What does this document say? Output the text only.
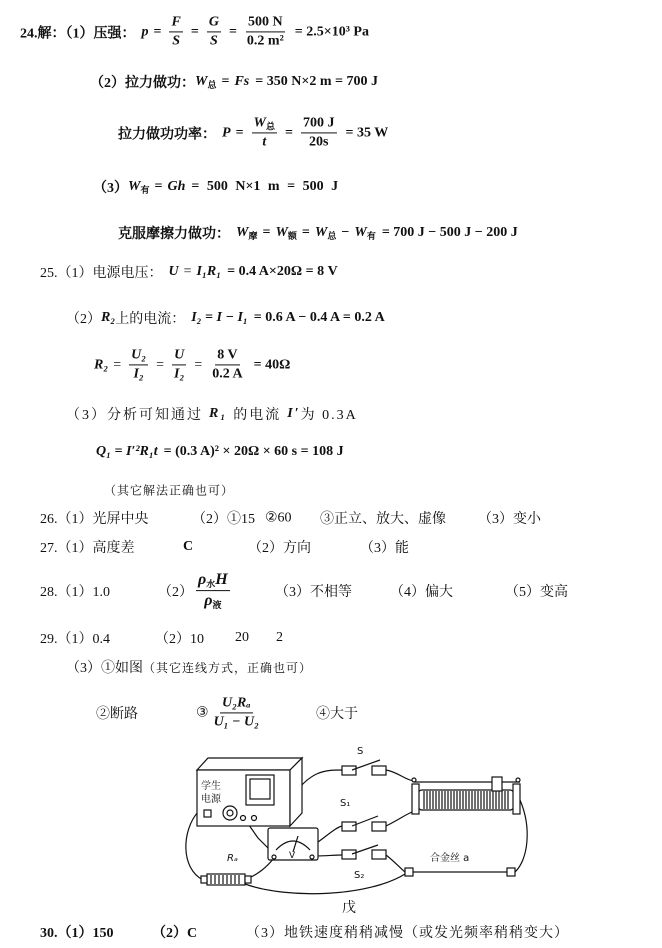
24.解：（1）压强： $p = \frac{F}{S} = \frac{G}{S} = \frac{500 N}{\text{0.2 m²}} = 2.5\times 10^3$ Pa
（2）拉力做功： $W_总 = Fs = 350$ N×2 m = 700 J
拉力做功功率： $P = \frac{W_总}{t} = \frac{700 J}{20s} = 35$ W
（3） $W_有 = Gh = 500$ N×1 m = 500 J
克服摩擦力做功： $W_摩 = W_额 = W_总 - W_有 = 700$ J − 500 J − 200 J
25.（1）电源电压： U = I₁R₁ = 0.4 A×20Ω = 8 V
（2） R₂ 上的电流： I₂ = I − I₁ = 0.6 A − 0.4 A = 0.2 A
$R_2 = \frac{\text{U₂}}{\text{I₂}} = \frac{U}{\text{I₂}} = \frac{8 V}{0.2 A} = 40\Omega$
（3）分析可知通过 R₁ 的电流 I′ 为 0.3A
Q₁ = I′²R₁t = (0.3 A)² × 20Ω × 60 s = 108 J
（其它解法正确也可）
26.（1）光屏中央	（2）①15 ②60 ③正立、放大、虚像 （3）变小
27.（1）高度差	C	（2）方向	（3）能
28.（1）1.0	$(2) \frac{\rho_水H}{\rho_液}$	（3）不相等	（4）偏大	（5）变高
29.（1）0.4	（2）10 20 2
（3）①如图 （其它连线方式，正确也可）
②断路	③ $\frac{\text{U₂Rₐ}}{\text{U₁ − U₂}}$	④大于
学生
电源
V
S
S₁
S₂
合金丝 a
Rₐ
戊
30.（1）150	（2）C	（3）地铁速度稍稍减慢（或发光频率稍稍变大）
